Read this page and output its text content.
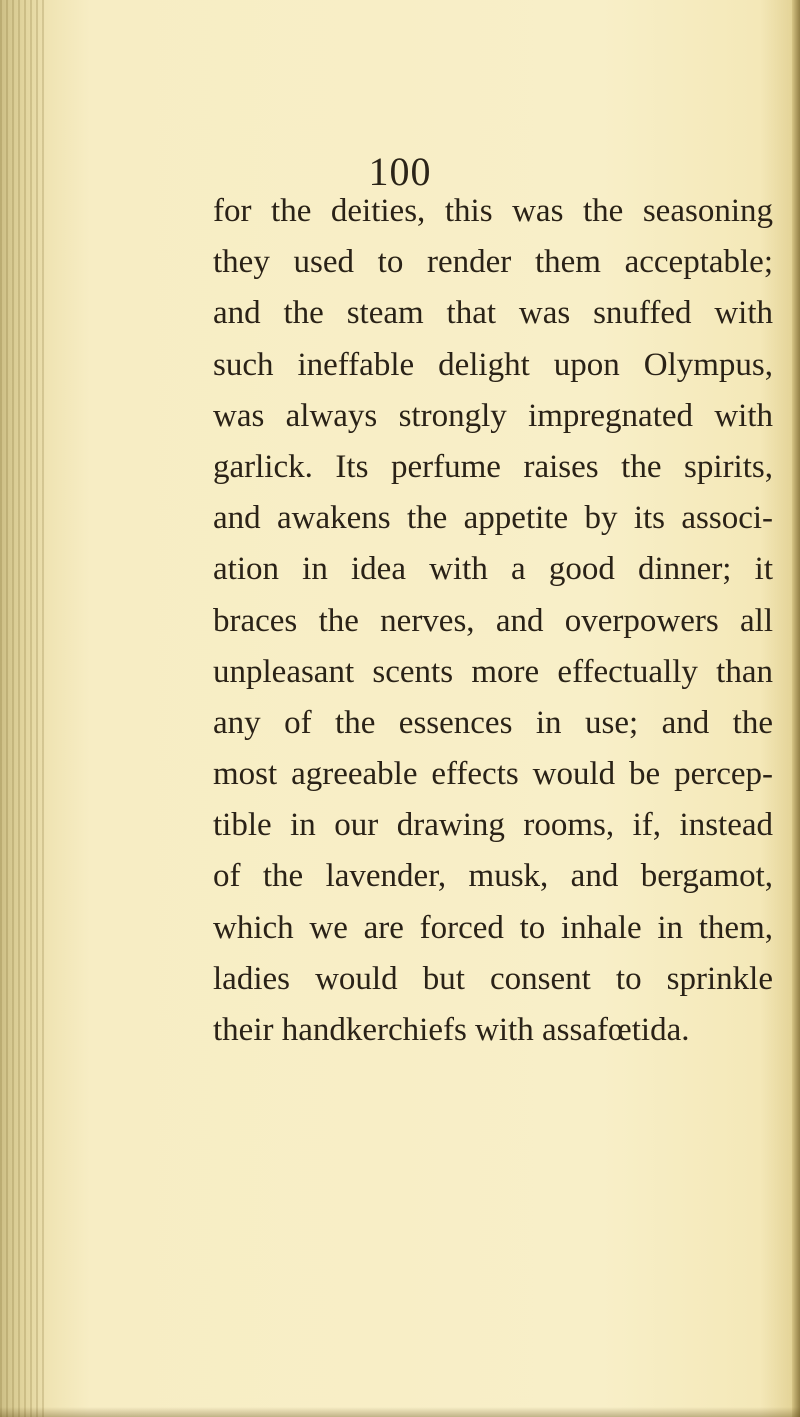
100
for the deities, this was the seasoning
they used to render them acceptable;
and the steam that was snuffed with
such ineffable delight upon Olympus,
was always strongly impregnated with
garlick. Its perfume raises the spirits,
and awakens the appetite by its associ-
ation in idea with a good dinner; it
braces the nerves, and overpowers all
unpleasant scents more effectually than
any of the essences in use; and the
most agreeable effects would be percep-
tible in our drawing rooms, if, instead
of the lavender, musk, and bergamot,
which we are forced to inhale in them,
ladies would but consent to sprinkle
their handkerchiefs with assafœtida.
